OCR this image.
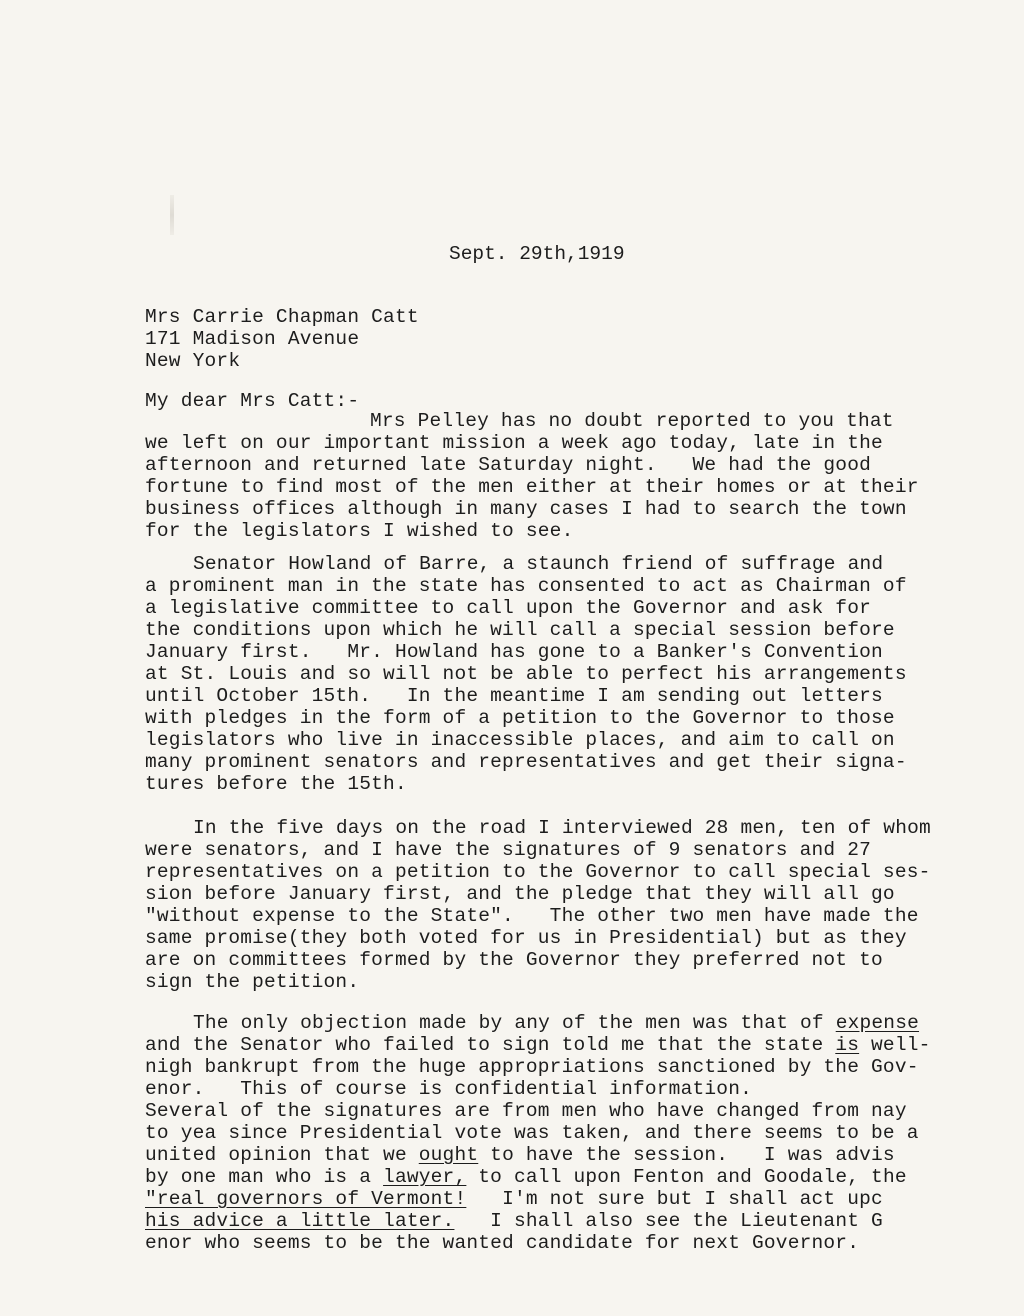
Sept. 29th,1919
Mrs Carrie Chapman Catt
171 Madison Avenue
New York
My dear Mrs Catt:-
Mrs Pelley has no doubt reported to you that
we left on our important mission a week ago today, late in the
afternoon and returned late Saturday night.   We had the good
fortune to find most of the men either at their homes or at their
business offices although in many cases I had to search the town
for the legislators I wished to see.
Senator Howland of Barre, a staunch friend of suffrage and
a prominent man in the state has consented to act as Chairman of
a legislative committee to call upon the Governor and ask for
the conditions upon which he will call a special session before
January first.   Mr. Howland has gone to a Banker's Convention
at St. Louis and so will not be able to perfect his arrangements
until October 15th.   In the meantime I am sending out letters
with pledges in the form of a petition to the Governor to those
legislators who live in inaccessible places, and aim to call on
many prominent senators and representatives and get their signa-
tures before the 15th.
In the five days on the road I interviewed 28 men, ten of whom
were senators, and I have the signatures of 9 senators and 27
representatives on a petition to the Governor to call special ses-
sion before January first, and the pledge that they will all go
"without expense to the State".   The other two men have made the
same promise(they both voted for us in Presidential) but as they
are on committees formed by the Governor they preferred not to
sign the petition.
The only objection made by any of the men was that of expense
and the Senator who failed to sign told me that the state is well-
nigh bankrupt from the huge appropriations sanctioned by the Gov-
enor.   This of course is confidential information.
Several of the signatures are from men who have changed from nay
to yea since Presidential vote was taken, and there seems to be a
united opinion that we ought to have the session.   I was advis
by one man who is a lawyer, to call upon Fenton and Goodale, the
"real governors of Vermont!   I'm not sure but I shall act upc
his advice a little later.   I shall also see the Lieutenant G
enor who seems to be the wanted candidate for next Governor.
